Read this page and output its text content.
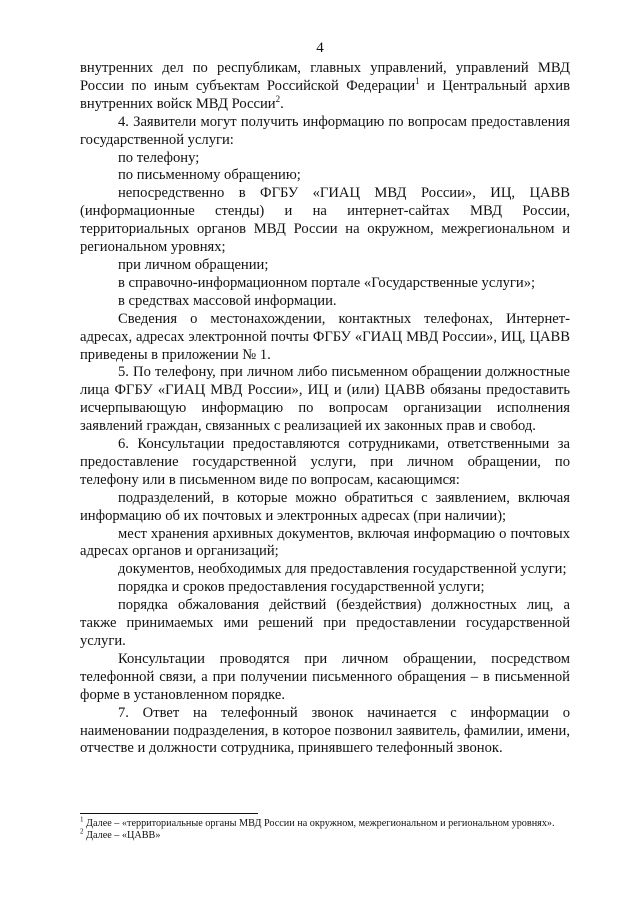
4

внутренних дел по республикам, главных управлений, управлений МВД России по иным субъектам Российской Федерации$^1$ и Центральный архив внутренних войск МВД России$^2$.

4. Заявители могут получить информацию по вопросам предоставления государственной услуги:

по телефону;

по письменному обращению;

непосредственно в ФГБУ «ГИАЦ МВД России», ИЦ, ЦАВВ (информационные стенды) и на интернет-сайтах МВД России, территориальных органов МВД России на окружном, межрегиональном и региональном уровнях;

при личном обращении;

в справочно-информационном портале «Государственные услуги»;

в средствах массовой информации.

Сведения о местонахождении, контактных телефонах, Интернет-адресах, адресах электронной почты ФГБУ «ГИАЦ МВД России», ИЦ, ЦАВВ приведены в приложении № 1.

5. По телефону, при личном либо письменном обращении должностные лица ФГБУ «ГИАЦ МВД России», ИЦ и (или) ЦАВВ обязаны предоставить исчерпывающую информацию по вопросам организации исполнения заявлений граждан, связанных с реализацией их законных прав и свобод.

6. Консультации предоставляются сотрудниками, ответственными за предоставление государственной услуги, при личном обращении, по телефону или в письменном виде по вопросам, касающимся:

подразделений, в которые можно обратиться с заявлением, включая информацию об их почтовых и электронных адресах (при наличии);

мест хранения архивных документов, включая информацию о почтовых адресах органов и организаций;

документов, необходимых для предоставления государственной услуги;

порядка и сроков предоставления государственной услуги;

порядка обжалования действий (бездействия) должностных лиц, а также принимаемых ими решений при предоставлении государственной услуги.

Консультации проводятся при личном обращении, посредством телефонной связи, а при получении письменного обращения – в письменной форме в установленном порядке.

7. Ответ на телефонный звонок начинается с информации о наименовании подразделения, в которое позвонил заявитель, фамилии, имени, отчестве и должности сотрудника, принявшего телефонный звонок.

$^1$ Далее – «территориальные органы МВД России на окружном, межрегиональном и региональном уровнях».

$^2$ Далее – «ЦАВВ»
